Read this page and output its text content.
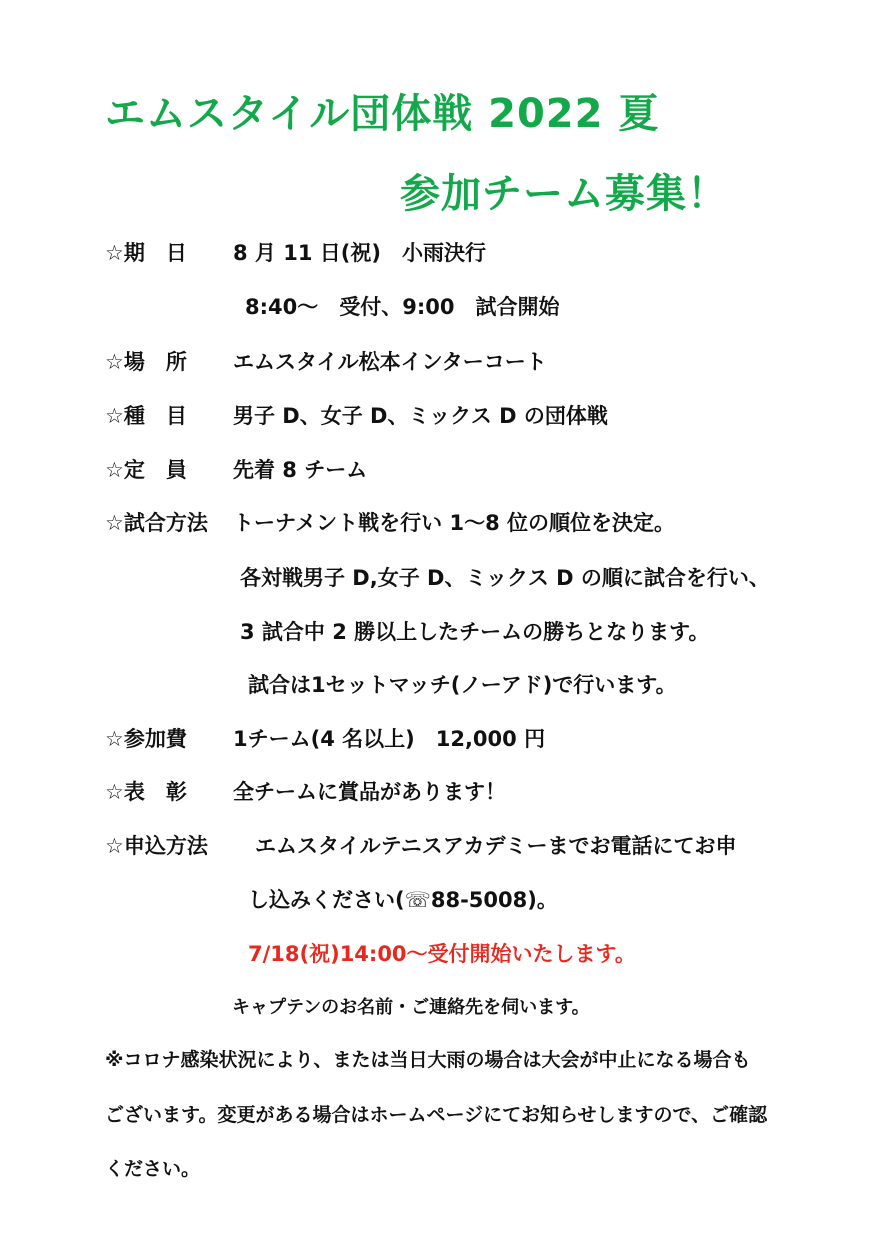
エムスタイル団体戦 2022 夏
参加チーム募集！
☆期　日 8 月 11 日(祝)　小雨決行
8:40～　受付、9:00　試合開始
☆場　所 エムスタイル松本インターコート
☆種　目 男子 D、女子 D、ミックス D の団体戦
☆定　員 先着 8 チーム
☆試合方法 トーナメント戦を行い 1～8 位の順位を決定。
各対戦男子 D,女子 D、ミックス D の順に試合を行い、
3 試合中 2 勝以上したチームの勝ちとなります。
試合は1セットマッチ(ノーアド)で行います。
☆参加費 1チーム(4 名以上)　12,000 円
☆表　彰 全チームに賞品があります！
☆申込方法 エムスタイルテニスアカデミーまでお電話にてお申
し込みください(☏88-5008)。
7/18(祝)14:00～受付開始いたします。
キャプテンのお名前・ご連絡先を伺います。
※コロナ感染状況により、または当日大雨の場合は大会が中止になる場合も
ございます。変更がある場合はホームページにてお知らせしますので、ご確認
ください。
